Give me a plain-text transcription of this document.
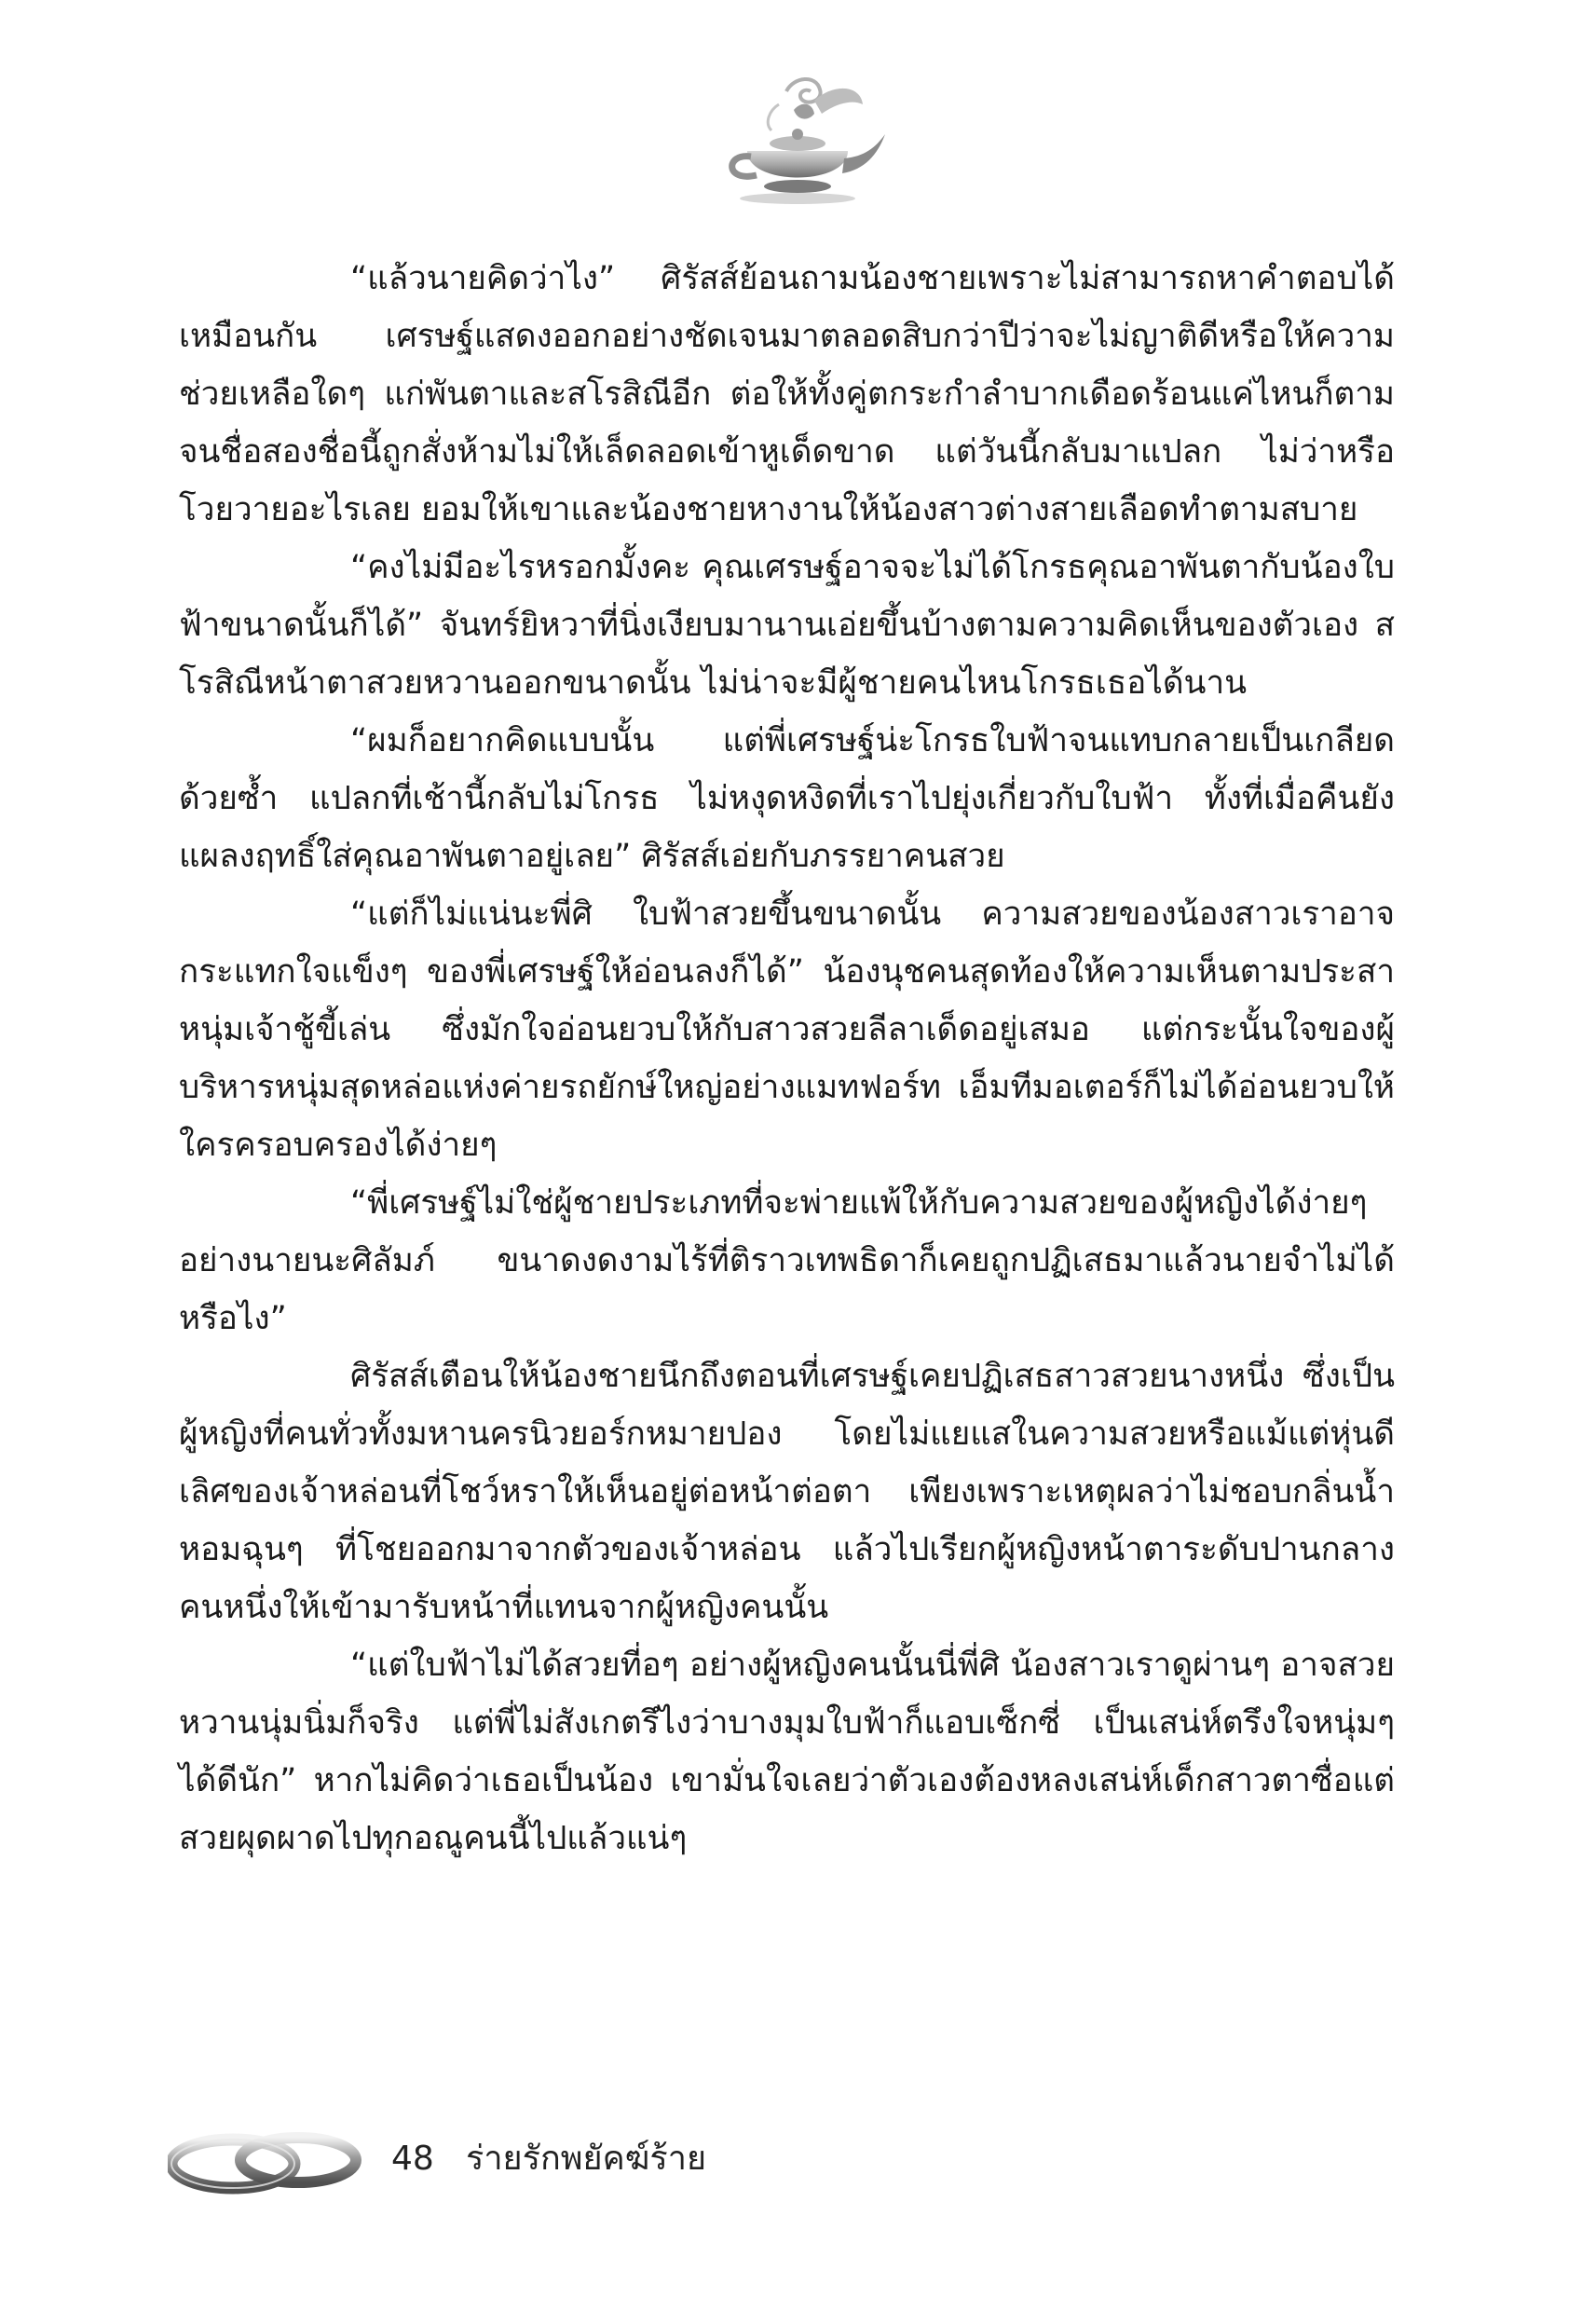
“แล้วนายคิดว่าไง” ศิรัสส์ย้อนถามน้องชายเพราะไม่สามารถหาคำตอบได้เหมือนกัน เศรษฐ์แสดงออกอย่างชัดเจนมาตลอดสิบกว่าปีว่าจะไม่ญาติดีหรือให้ความช่วยเหลือใดๆ แก่พันตาและสโรสิณีอีก ต่อให้ทั้งคู่ตกระกำลำบากเดือดร้อนแค่ไหนก็ตาม จนชื่อสองชื่อนี้ถูกสั่งห้ามไม่ให้เล็ดลอดเข้าหูเด็ดขาด แต่วันนี้กลับมาแปลก ไม่ว่าหรือโวยวายอะไรเลย ยอมให้เขาและน้องชายหางานให้น้องสาวต่างสายเลือดทำตามสบาย

“คงไม่มีอะไรหรอกมั้งคะ คุณเศรษฐ์อาจจะไม่ได้โกรธคุณอาพันตากับน้องใบฟ้าขนาดนั้นก็ได้” จันทร์ยิหวาที่นิ่งเงียบมานานเอ่ยขึ้นบ้างตามความคิดเห็นของตัวเอง สโรสิณีหน้าตาสวยหวานออกขนาดนั้น ไม่น่าจะมีผู้ชายคนไหนโกรธเธอได้นาน

“ผมก็อยากคิดแบบนั้น แต่พี่เศรษฐ์น่ะโกรธใบฟ้าจนแทบกลายเป็นเกลียดด้วยซ้ำ แปลกที่เช้านี้กลับไม่โกรธ ไม่หงุดหงิดที่เราไปยุ่งเกี่ยวกับใบฟ้า ทั้งที่เมื่อคืนยังแผลงฤทธิ์ใส่คุณอาพันตาอยู่เลย” ศิรัสส์เอ่ยกับภรรยาคนสวย

“แต่ก็ไม่แน่นะพี่ศิ ใบฟ้าสวยขึ้นขนาดนั้น ความสวยของน้องสาวเราอาจกระแทกใจแข็งๆ ของพี่เศรษฐ์ให้อ่อนลงก็ได้” น้องนุชคนสุดท้องให้ความเห็นตามประสาหนุ่มเจ้าชู้ขี้เล่น ซึ่งมักใจอ่อนยวบให้กับสาวสวยลีลาเด็ดอยู่เสมอ แต่กระนั้นใจของผู้บริหารหนุ่มสุดหล่อแห่งค่ายรถยักษ์ใหญ่อย่างแมทฟอร์ท เอ็มทีมอเตอร์ก็ไม่ได้อ่อนยวบให้ใครครอบครองได้ง่ายๆ

“พี่เศรษฐ์ไม่ใช่ผู้ชายประเภทที่จะพ่ายแพ้ให้กับความสวยของผู้หญิงได้ง่ายๆ อย่างนายนะศิลัมภ์ ขนาดงดงามไร้ที่ติราวเทพธิดาก็เคยถูกปฏิเสธมาแล้วนายจำไม่ได้หรือไง”

ศิรัสส์เตือนให้น้องชายนึกถึงตอนที่เศรษฐ์เคยปฏิเสธสาวสวยนางหนึ่ง ซึ่งเป็นผู้หญิงที่คนทั่วทั้งมหานครนิวยอร์กหมายปอง โดยไม่แยแสในความสวยหรือแม้แต่หุ่นดีเลิศของเจ้าหล่อนที่โชว์หราให้เห็นอยู่ต่อหน้าต่อตา เพียงเพราะเหตุผลว่าไม่ชอบกลิ่นน้ำหอมฉุนๆ ที่โชยออกมาจากตัวของเจ้าหล่อน แล้วไปเรียกผู้หญิงหน้าตาระดับปานกลางคนหนึ่งให้เข้ามารับหน้าที่แทนจากผู้หญิงคนนั้น

“แต่ใบฟ้าไม่ได้สวยที่อๆ อย่างผู้หญิงคนนั้นนี่พี่ศิ น้องสาวเราดูผ่านๆ อาจสวยหวานนุ่มนิ่มก็จริง แต่พี่ไม่สังเกตรึไงว่าบางมุมใบฟ้าก็แอบเซ็กซี่ เป็นเสน่ห์ตรึงใจหนุ่มๆ ได้ดีนัก” หากไม่คิดว่าเธอเป็นน้อง เขามั่นใจเลยว่าตัวเองต้องหลงเสน่ห์เด็กสาวตาซื่อแต่สวยผุดผาดไปทุกอณูคนนี้ไปแล้วแน่ๆ

48 ร่ายรักพยัคฆ์ร้าย
